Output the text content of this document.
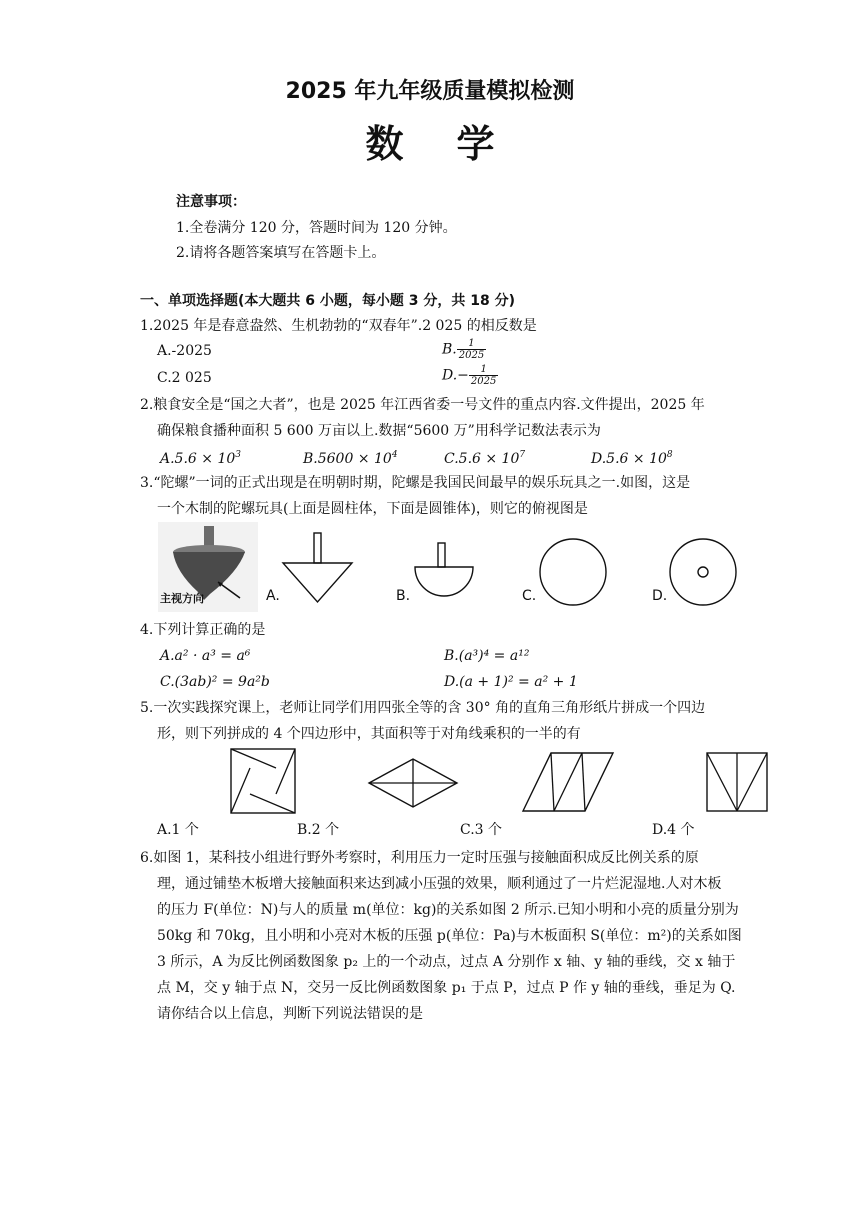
2025 年九年级质量模拟检测
数    学
注意事项：
1.全卷满分 120 分，答题时间为 120 分钟。
2.请将各题答案填写在答题卡上。
一、单项选择题(本大题共 6 小题，每小题 3 分，共 18 分)
1.2025 年是春意盎然、生机勃勃的“双春年”.2 025 的相反数是
A.-2025	B. $\frac{1}{2025}$
C.2 025	$D.- \frac{1}{2025}$
2.粮食安全是“国之大者”，也是 2025 年江西省委一号文件的重点内容.文件提出，2025 年
确保粮食播种面积 5 600 万亩以上.数据“5600 万”用科学记数法表示为
$A.5.6 \times 10^3$	$B.5600 \times 10^4$	$C.5.6 \times 10^7$	$D.5.6 \times 10^8$
3.“陀螺”一词的正式出现是在明朝时期，陀螺是我国民间最早的娱乐玩具之一.如图，这是
一个木制的陀螺玩具(上面是圆柱体，下面是圆锥体)，则它的俯视图是
主视方向	A.	B.	C.	D.
4.下列计算正确的是
A.a² · a³ = a⁶	B.(a³)⁴ = a¹²
C.(3ab)² = 9a²b	D.(a + 1)² = a² + 1
5.一次实践探究课上，老师让同学们用四张全等的含 30° 角的直角三角形纸片拼成一个四边
形，则下列拼成的 4 个四边形中，其面积等于对角线乘积的一半的有
A.1 个	B.2 个	C.3 个	D.4 个
6.如图 1，某科技小组进行野外考察时，利用压力一定时压强与接触面积成反比例关系的原
理，通过铺垫木板增大接触面积来达到减小压强的效果，顺利通过了一片烂泥湿地.人对木板
的压力 F(单位：N)与人的质量 m(单位：kg)的关系如图 2 所示.已知小明和小亮的质量分别为
50kg 和 70kg，且小明和小亮对木板的压强 p(单位：Pa)与木板面积 S(单位：m²)的关系如图
3 所示，A 为反比例函数图象 p₂ 上的一个动点，过点 A 分别作 x 轴、y 轴的垂线，交 x 轴于
点 M，交 y 轴于点 N，交另一反比例函数图象 p₁ 于点 P，过点 P 作 y 轴的垂线，垂足为 Q.
请你结合以上信息，判断下列说法错误的是
